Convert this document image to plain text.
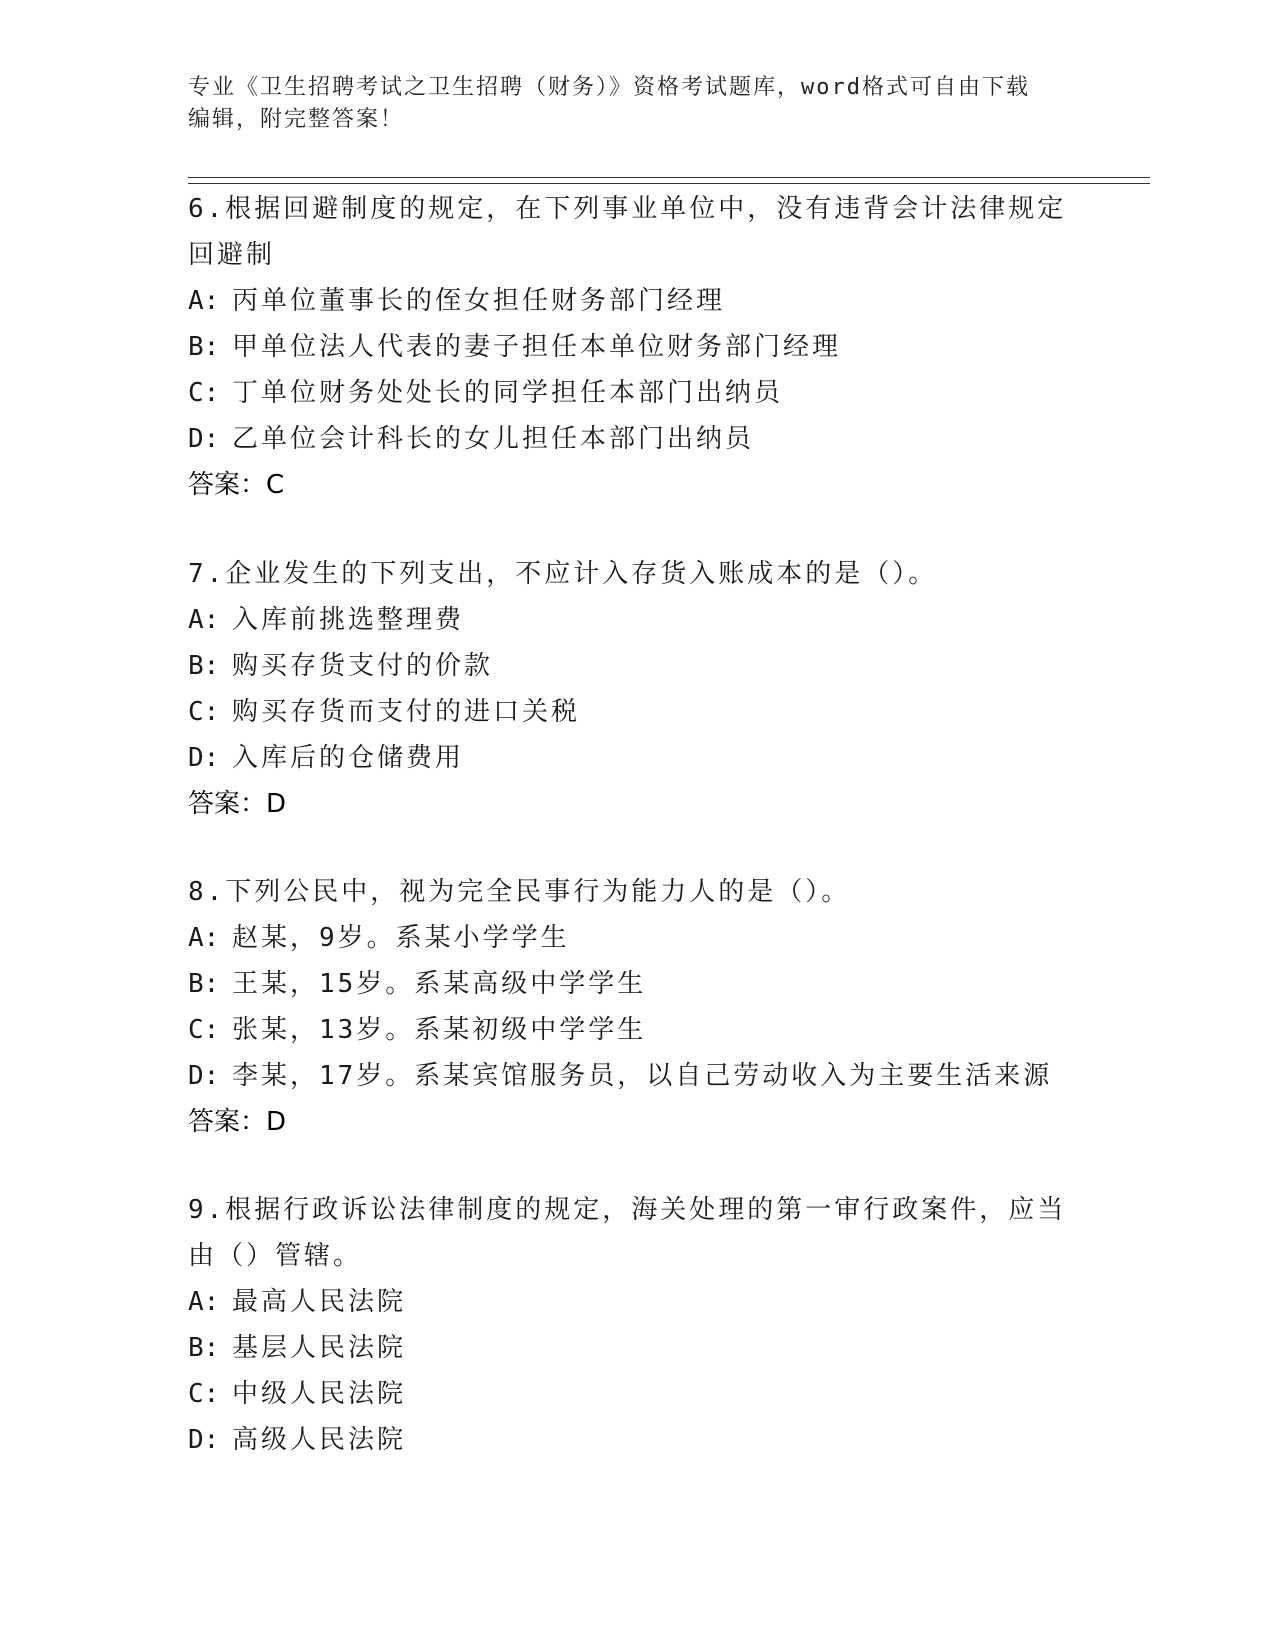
专业《卫生招聘考试之卫生招聘（财务）》资格考试题库，word格式可自由下载
编辑，附完整答案！

6.根据回避制度的规定，在下列事业单位中，没有违背会计法律规定

回避制

A: 丙单位董事长的侄女担任财务部门经理

B: 甲单位法人代表的妻子担任本单位财务部门经理

C: 丁单位财务处处长的同学担任本部门出纳员

D: 乙单位会计科长的女儿担任本部门出纳员

答案：C

7.企业发生的下列支出，不应计入存货入账成本的是（）。

A: 入库前挑选整理费

B: 购买存货支付的价款

C: 购买存货而支付的进口关税

D: 入库后的仓储费用

答案：D

8.下列公民中，视为完全民事行为能力人的是（）。

A: 赵某，9岁。系某小学学生

B: 王某，15岁。系某高级中学学生

C: 张某，13岁。系某初级中学学生

D: 李某，17岁。系某宾馆服务员，以自己劳动收入为主要生活来源

答案：D

9.根据行政诉讼法律制度的规定，海关处理的第一审行政案件，应当

由（）管辖。

A: 最高人民法院

B: 基层人民法院

C: 中级人民法院

D: 高级人民法院
